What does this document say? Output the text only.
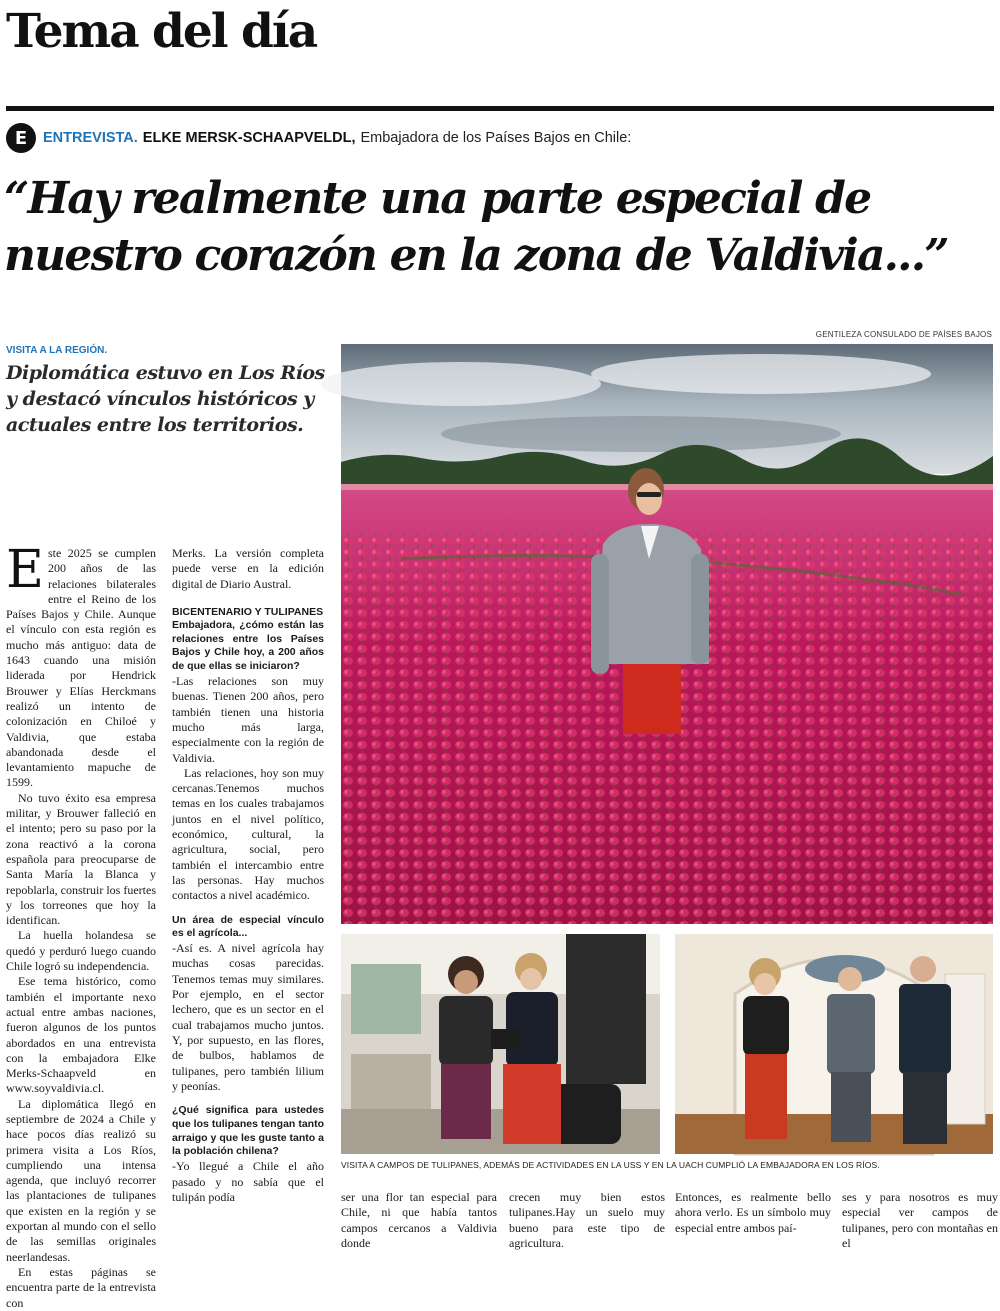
Tema del día
E	ENTREVISTA. ELKE MERSK-SCHAAPVELDL, Embajadora de los Países Bajos en Chile:
“Hay realmente una parte especial de nuestro corazón en la zona de Valdivia...”
GENTILEZA CONSULADO DE PAÍSES BAJOS
VISITA A LA REGIÓN.
Diplomática estuvo en Los Ríos y destacó vínculos históricos y actuales entre los territorios.

Este 2025 se cumplen 200 años de las relaciones bilaterales entre el Reino de los Países Bajos y Chile. Aunque el vínculo con esta región es mucho más antiguo: data de 1643 cuando una misión liderada por Hendrick Brouwer y Elías Herckmans realizó un intento de colonización en Chiloé y Valdivia, que estaba abandonada desde el levantamiento mapuche de 1599.

No tuvo éxito esa empresa militar, y Brouwer falleció en el intento; pero su paso por la zona reactivó a la corona española para preocuparse de Santa María la Blanca y repoblarla, construir los fuertes y los torreones que hoy la identifican.

La huella holandesa se quedó y perduró luego cuando Chile logró su independencia.

Ese tema histórico, como también el importante nexo actual entre ambas naciones, fueron algunos de los puntos abordados en una entrevista con la embajadora Elke Merks-Schaapveld en www.soyvaldivia.cl.

La diplomática llegó en septiembre de 2024 a Chile y hace pocos días realizó su primera visita a Los Ríos, cumpliendo una intensa agenda, que incluyó recorrer las plantaciones de tulipanes que existen en la región y se exportan al mundo con el sello de las semillas originales neerlandesas.

En estas páginas se encuentra parte de la entrevista con

Merks. La versión completa puede verse en la edición digital de Diario Austral.

BICENTENARIO Y TULIPANES

Embajadora, ¿cómo están las relaciones entre los Países Bajos y Chile hoy, a 200 años de que ellas se iniciaron?

-Las relaciones son muy buenas. Tienen 200 años, pero también tienen una historia mucho más larga, especialmente con la región de Valdivia.

Las relaciones, hoy son muy cercanas.Tenemos muchos temas en los cuales trabajamos juntos en el nivel político, económico, cultural, la agricultura, social, pero también el intercambio entre las personas. Hay muchos contactos a nivel académico.

Un área de especial vínculo es el agrícola...

-Así es. A nivel agrícola hay muchas cosas parecidas. Tenemos temas muy similares. Por ejemplo, en el sector lechero, que es un sector en el cual trabajamos mucho juntos. Y, por supuesto, en las flores, de bulbos, hablamos de tulipanes, pero también lilium y peonías.

¿Qué significa para ustedes que los tulipanes tengan tanto arraigo y que les guste tanto a la población chilena?

-Yo llegué a Chile el año pasado y no sabía que el tulipán podía

VISITA A CAMPOS DE TULIPANES, ADEMÁS DE ACTIVIDADES EN LA USS Y EN LA UACH CUMPLIÓ LA EMBAJADORA EN LOS RÍOS.
ser una flor tan especial para Chile, ni que había tantos campos cercanos a Valdivia donde
crecen muy bien estos tulipanes.Hay un suelo muy bueno para este tipo de agricultura.
Entonces, es realmente bello ahora verlo. Es un símbolo muy especial entre ambos paí-
ses y para nosotros es muy especial ver campos de tulipanes, pero con montañas en el
